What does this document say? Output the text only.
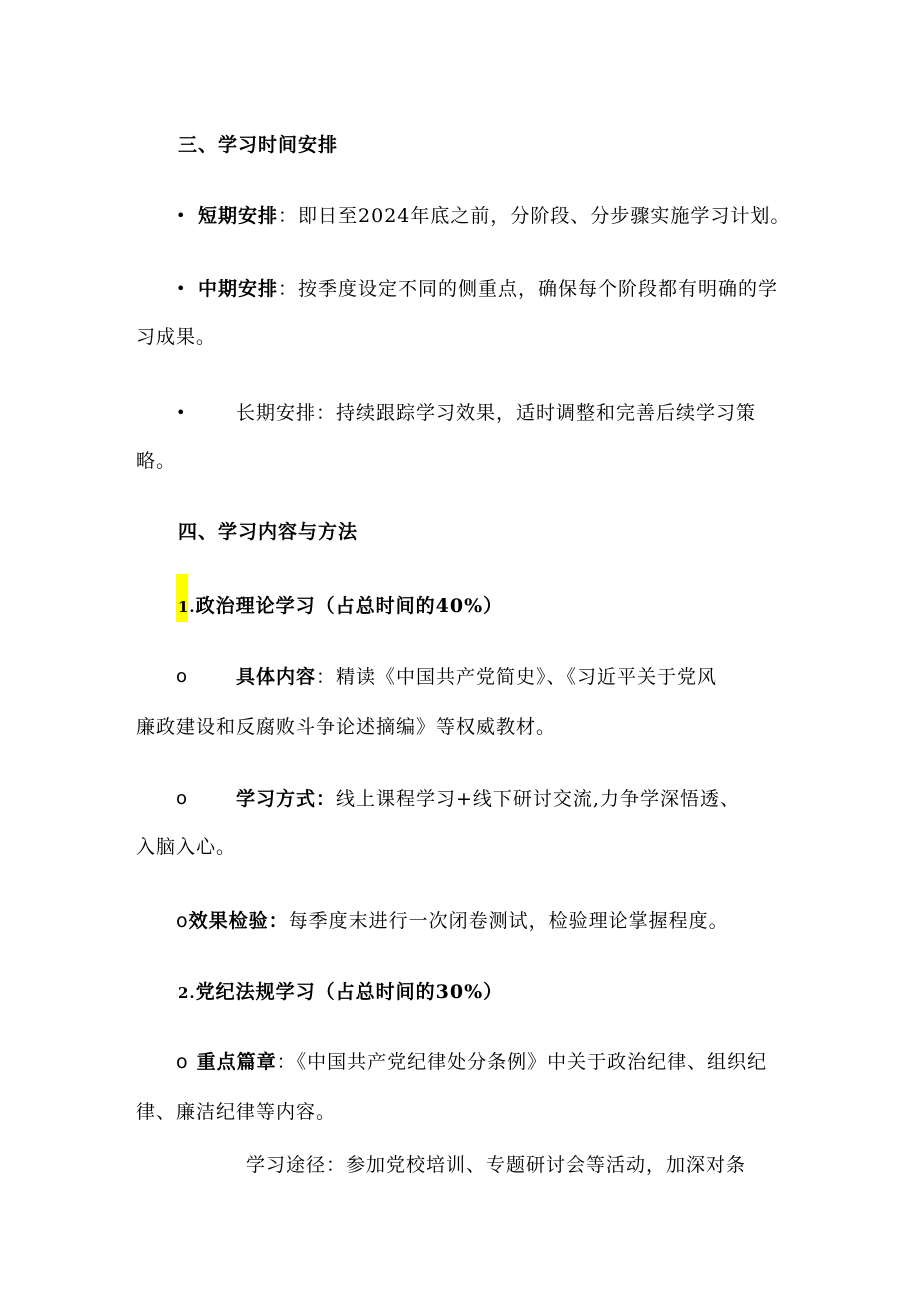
三、学习时间安排
• 短期安排：即日至2024年底之前，分阶段、分步骤实施学习计划。
• 中期安排：按季度设定不同的侧重点，确保每个阶段都有明确的学
习成果。
•	长期安排：持续跟踪学习效果，适时调整和完善后续学习策
略。
四、学习内容与方法
1.政治理论学习（占总时间的40%）
o	具体内容：精读《中国共产党简史》、《习近平关于党风
廉政建设和反腐败斗争论述摘编》等权威教材。
o	学习方式：线上课程学习+线下研讨交流,力争学深悟透、
入脑入心。
o效果检验：每季度末进行一次闭卷测试，检验理论掌握程度。
2.党纪法规学习（占总时间的30%）
o 重点篇章：《中国共产党纪律处分条例》中关于政治纪律、组织纪
律、廉洁纪律等内容。
学习途径：参加党校培训、专题研讨会等活动，加深对条
